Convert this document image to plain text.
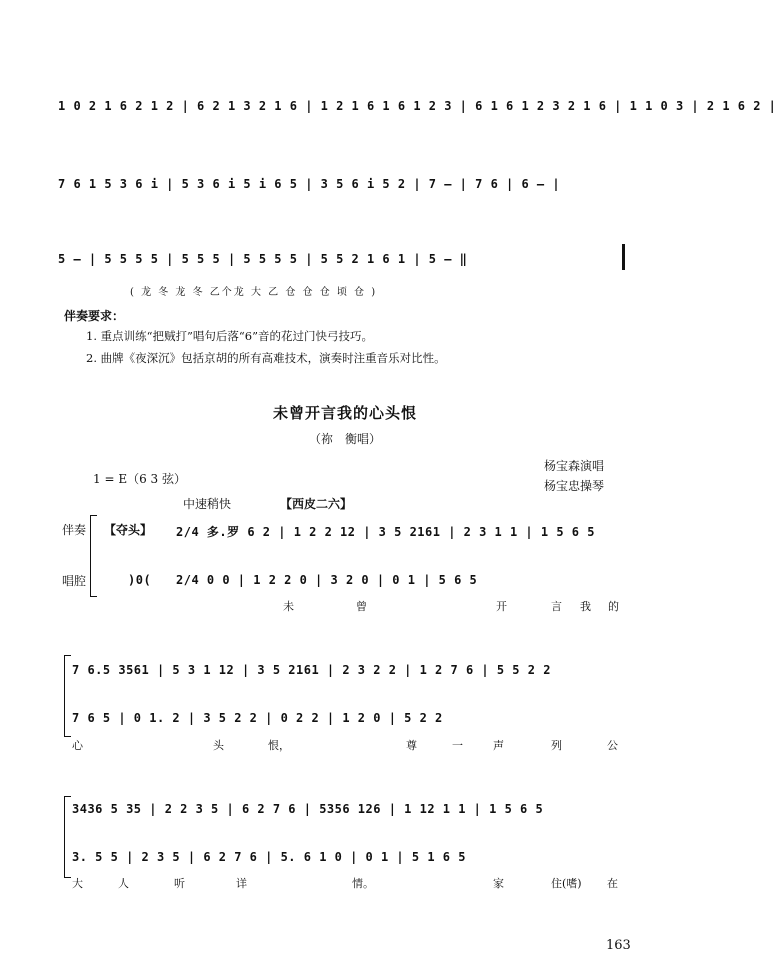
1 0 2 1 6 2 1 2 | 6 2 1 3 2 1 6 | 1 2 1 6 1 6 1 2 3 | 6 1 6 1 2 3 2 1 6 | 1 1 0 3 | 2 1 6 2 |
7 6 1 5 3 6 i | 5 3 6 i 5 i 6 5 | 3 5 6 i 5 2 | 7 – | 7 6 | 6 – |
5 – | 5 5 5 5 | 5 5 5 | 5 5 5 5 | 5 5 2 1 6 1 | 5 – ‖
( 龙 冬 龙 冬 乙个龙 大 乙 仓 仓 仓 顷 仓 )
伴奏要求：
1. 重点训练“把贼打”唱句后落“6”音的花过门快弓技巧。
2. 曲牌《夜深沉》包括京胡的所有高难技术，演奏时注重音乐对比性。
未曾开言我的心头恨
（祢　衡唱）
杨宝森演唱
杨宝忠操琴
1 = E（6 3 弦）
中速稍快	【西皮二六】
伴奏
唱腔
【夺头】 2/4 多.罗 6 2 | 1 2 2 12 | 3 5 2161 | 2 3 1 1 | 1 5 6 5
)0( 2/4 0 0 | 1 2 2 0 | 3 2 0 | 0 1 | 5 6 5
未	曾	开	言 我 的
7 6.5 3561 | 5 3 1 12 | 3 5 2161 | 2 3 2 2 | 1 2 7 6 | 5 5 2 2
7 6 5 | 0 1. 2 | 3 5 2 2 | 0 2 2 | 1 2 0 | 5 2 2
心	头	恨，	尊	一	声	列	公
3436 5 35 | 2 2 3 5 | 6 2 7 6 | 5356 126 | 1 12 1 1 | 1 5 6 5
3. 5 5 | 2 3 5 | 6 2 7 6 | 5. 6 1 0 | 0 1 | 5 1 6 5
大	人	听	详	情。	家	住(嗜) 在
163
